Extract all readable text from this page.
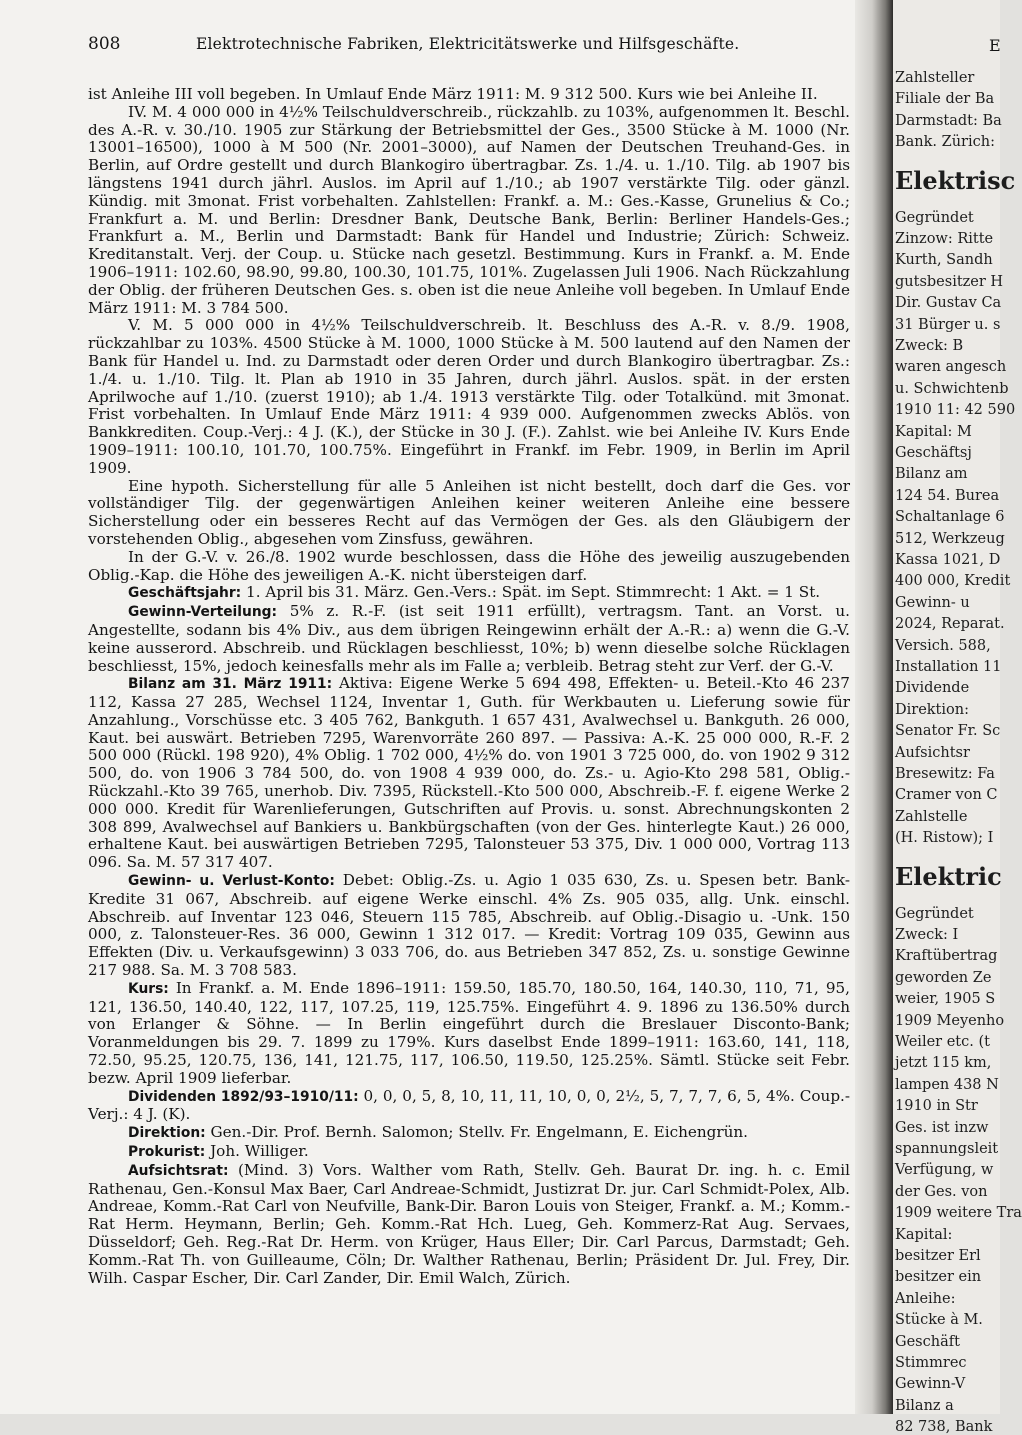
808	Elektrotechnische Fabriken, Elektricitätswerke und Hilfsgeschäfte.

ist Anleihe III voll begeben. In Umlauf Ende März 1911: M. 9 312 500. Kurs wie bei Anleihe II.

IV. M. 4 000 000 in 4½% Teilschuldverschreib., rückzahlb. zu 103%, aufgenommen lt. Beschl. des A.-R. v. 30./10. 1905 zur Stärkung der Betriebsmittel der Ges., 3500 Stücke à M. 1000 (Nr. 13001–16500), 1000 à M 500 (Nr. 2001–3000), auf Namen der Deutschen Treuhand-Ges. in Berlin, auf Ordre gestellt und durch Blankogiro übertragbar. Zs. 1./4. u. 1./10. Tilg. ab 1907 bis längstens 1941 durch jährl. Auslos. im April auf 1./10.; ab 1907 verstärkte Tilg. oder gänzl. Kündig. mit 3monat. Frist vorbehalten. Zahlstellen: Frankf. a. M.: Ges.-Kasse, Grunelius & Co.; Frankfurt a. M. und Berlin: Dresdner Bank, Deutsche Bank, Berlin: Berliner Handels-Ges.; Frankfurt a. M., Berlin und Darmstadt: Bank für Handel und Industrie; Zürich: Schweiz. Kreditanstalt. Verj. der Coup. u. Stücke nach gesetzl. Bestimmung. Kurs in Frankf. a. M. Ende 1906–1911: 102.60, 98.90, 99.80, 100.30, 101.75, 101%. Zugelassen Juli 1906. Nach Rückzahlung der Oblig. der früheren Deutschen Ges. s. oben ist die neue Anleihe voll begeben. In Umlauf Ende März 1911: M. 3 784 500.

V. M. 5 000 000 in 4½% Teilschuldverschreib. lt. Beschluss des A.-R. v. 8./9. 1908, rückzahlbar zu 103%. 4500 Stücke à M. 1000, 1000 Stücke à M. 500 lautend auf den Namen der Bank für Handel u. Ind. zu Darmstadt oder deren Order und durch Blankogiro übertragbar. Zs.: 1./4. u. 1./10. Tilg. lt. Plan ab 1910 in 35 Jahren, durch jährl. Auslos. spät. in der ersten Aprilwoche auf 1./10. (zuerst 1910); ab 1./4. 1913 verstärkte Tilg. oder Totalkünd. mit 3monat. Frist vorbehalten. In Umlauf Ende März 1911: 4 939 000. Aufgenommen zwecks Ablös. von Bankkrediten. Coup.-Verj.: 4 J. (K.), der Stücke in 30 J. (F.). Zahlst. wie bei Anleihe IV. Kurs Ende 1909–1911: 100.10, 101.70, 100.75%. Eingeführt in Frankf. im Febr. 1909, in Berlin im April 1909.

Eine hypoth. Sicherstellung für alle 5 Anleihen ist nicht bestellt, doch darf die Ges. vor vollständiger Tilg. der gegenwärtigen Anleihen keiner weiteren Anleihe eine bessere Sicherstellung oder ein besseres Recht auf das Vermögen der Ges. als den Gläubigern der vorstehenden Oblig., abgesehen vom Zinsfuss, gewähren.

In der G.-V. v. 26./8. 1902 wurde beschlossen, dass die Höhe des jeweilig auszugebenden Oblig.-Kap. die Höhe des jeweiligen A.-K. nicht übersteigen darf.

Geschäftsjahr: 1. April bis 31. März. Gen.-Vers.: Spät. im Sept. Stimmrecht: 1 Akt. = 1 St.

Gewinn-Verteilung: 5% z. R.-F. (ist seit 1911 erfüllt), vertragsm. Tant. an Vorst. u. Angestellte, sodann bis 4% Div., aus dem übrigen Reingewinn erhält der A.-R.: a) wenn die G.-V. keine ausserord. Abschreib. und Rücklagen beschliesst, 10%; b) wenn dieselbe solche Rücklagen beschliesst, 15%, jedoch keinesfalls mehr als im Falle a; verbleib. Betrag steht zur Verf. der G.-V.

Bilanz am 31. März 1911: Aktiva: Eigene Werke 5 694 498, Effekten- u. Beteil.-Kto 46 237 112, Kassa 27 285, Wechsel 1124, Inventar 1, Guth. für Werkbauten u. Lieferung sowie für Anzahlung., Vorschüsse etc. 3 405 762, Bankguth. 1 657 431, Avalwechsel u. Bankguth. 26 000, Kaut. bei auswärt. Betrieben 7295, Warenvorräte 260 897. — Passiva: A.-K. 25 000 000, R.-F. 2 500 000 (Rückl. 198 920), 4% Oblig. 1 702 000, 4½% do. von 1901 3 725 000, do. von 1902 9 312 500, do. von 1906 3 784 500, do. von 1908 4 939 000, do. Zs.- u. Agio-Kto 298 581, Oblig.-Rückzahl.-Kto 39 765, unerhob. Div. 7395, Rückstell.-Kto 500 000, Abschreib.-F. f. eigene Werke 2 000 000. Kredit für Warenlieferungen, Gutschriften auf Provis. u. sonst. Abrechnungskonten 2 308 899, Avalwechsel auf Bankiers u. Bankbürgschaften (von der Ges. hinterlegte Kaut.) 26 000, erhaltene Kaut. bei auswärtigen Betrieben 7295, Talonsteuer 53 375, Div. 1 000 000, Vortrag 113 096. Sa. M. 57 317 407.

Gewinn- u. Verlust-Konto: Debet: Oblig.-Zs. u. Agio 1 035 630, Zs. u. Spesen betr. Bank-Kredite 31 067, Abschreib. auf eigene Werke einschl. 4% Zs. 905 035, allg. Unk. einschl. Abschreib. auf Inventar 123 046, Steuern 115 785, Abschreib. auf Oblig.-Disagio u. -Unk. 150 000, z. Talonsteuer-Res. 36 000, Gewinn 1 312 017. — Kredit: Vortrag 109 035, Gewinn aus Effekten (Div. u. Verkaufsgewinn) 3 033 706, do. aus Betrieben 347 852, Zs. u. sonstige Gewinne 217 988. Sa. M. 3 708 583.

Kurs: In Frankf. a. M. Ende 1896–1911: 159.50, 185.70, 180.50, 164, 140.30, 110, 71, 95, 121, 136.50, 140.40, 122, 117, 107.25, 119, 125.75%. Eingeführt 4. 9. 1896 zu 136.50% durch von Erlanger & Söhne. — In Berlin eingeführt durch die Breslauer Disconto-Bank; Voranmeldungen bis 29. 7. 1899 zu 179%. Kurs daselbst Ende 1899–1911: 163.60, 141, 118, 72.50, 95.25, 120.75, 136, 141, 121.75, 117, 106.50, 119.50, 125.25%. Sämtl. Stücke seit Febr. bezw. April 1909 lieferbar.

Dividenden 1892/93–1910/11: 0, 0, 0, 5, 8, 10, 11, 11, 10, 0, 0, 2½, 5, 7, 7, 7, 6, 5, 4%. Coup.-Verj.: 4 J. (K).

Direktion: Gen.-Dir. Prof. Bernh. Salomon; Stellv. Fr. Engelmann, E. Eichengrün.

Prokurist: Joh. Williger.

Aufsichtsrat: (Mind. 3) Vors. Walther vom Rath, Stellv. Geh. Baurat Dr. ing. h. c. Emil Rathenau, Gen.-Konsul Max Baer, Carl Andreae-Schmidt, Justizrat Dr. jur. Carl Schmidt-Polex, Alb. Andreae, Komm.-Rat Carl von Neufville, Bank-Dir. Baron Louis von Steiger, Frankf. a. M.; Komm.-Rat Herm. Heymann, Berlin; Geh. Komm.-Rat Hch. Lueg, Geh. Kommerz-Rat Aug. Servaes, Düsseldorf; Geh. Reg.-Rat Dr. Herm. von Krüger, Haus Eller; Dir. Carl Parcus, Darmstadt; Geh. Komm.-Rat Th. von Guilleaume, Cöln; Dr. Walther Rathenau, Berlin; Präsident Dr. Jul. Frey, Dir. Wilh. Caspar Escher, Dir. Carl Zander, Dir. Emil Walch, Zürich.

E
Zahlsteller
Filiale der Ba
Darmstadt: Ba
Bank. Zürich:
Elektrisc
Gegründet
Zinzow: Ritte
Kurth, Sandh
gutsbesitzer H
Dir. Gustav Ca
31 Bürger u. s
Zweck: B
waren angesch
u. Schwichtenb
1910 11: 42 590
Kapital: M
Geschäftsj
Bilanz am
124 54. Burea
Schaltanlage 6
512, Werkzeug
Kassa 1021, D
400 000, Kredit
Gewinn- u
2024, Reparat.
Versich. 588,
Installation 11
Dividende
Direktion:
Senator Fr. Sc
Aufsichtsr
Bresewitz: Fa
Cramer von C
Zahlstelle
(H. Ristow); I
Elektric
Gegründet
Zweck: I
Kraftübertrag
geworden Ze
weier, 1905 S
1909 Meyenho
Weiler etc. (t
jetzt 115 km,
lampen 438 N
1910 in Str
Ges. ist inzw
spannungsleit
Verfügung, w
der Ges. von
1909 weitere Tra
Kapital:
besitzer Erl
besitzer ein
Anleihe:
Stücke à M.
Geschäft
Stimmrec
Gewinn-V
Bilanz a
82 738, Bank
